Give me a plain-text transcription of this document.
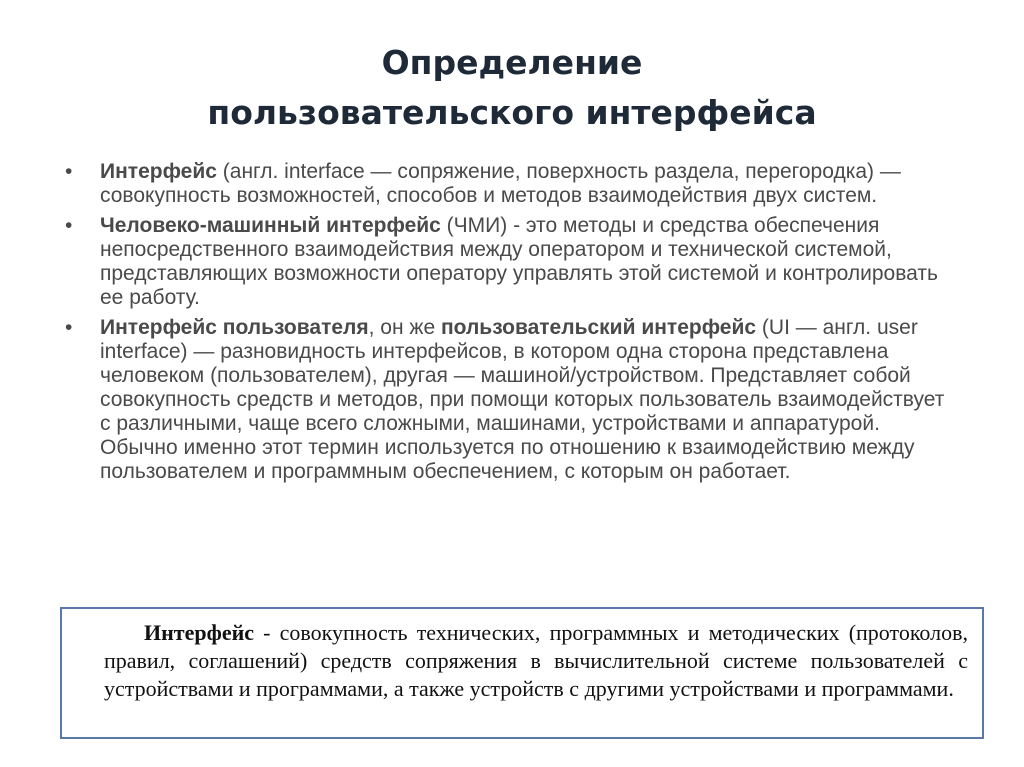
Определение
пользовательского интерфейса
• Интерфейс (англ. interface — сопряжение, поверхность раздела, перегородка) — совокупность возможностей, способов и методов взаимодействия двух систем.
• Человеко-машинный интерфейс (ЧМИ) - это методы и средства обеспечения непосредственного взаимодействия между оператором и технической системой, представляющих возможности оператору управлять этой системой и контролировать ее работу.
• Интерфейс пользователя, он же пользовательский интерфейс (UI — англ. user interface) — разновидность интерфейсов, в котором одна сторона представлена человеком (пользователем), другая — машиной/устройством. Представляет собой совокупность средств и методов, при помощи которых пользователь взаимодействует с различными, чаще всего сложными, машинами, устройствами и аппаратурой. Обычно именно этот термин используется по отношению к взаимодействию между пользователем и программным обеспечением, с которым он работает.
Интерфейс - совокупность технических, программных и методических (протоколов, правил, соглашений) средств сопряжения в вычислительной системе пользователей с устройствами и программами, а также устройств с другими устройствами и программами.
